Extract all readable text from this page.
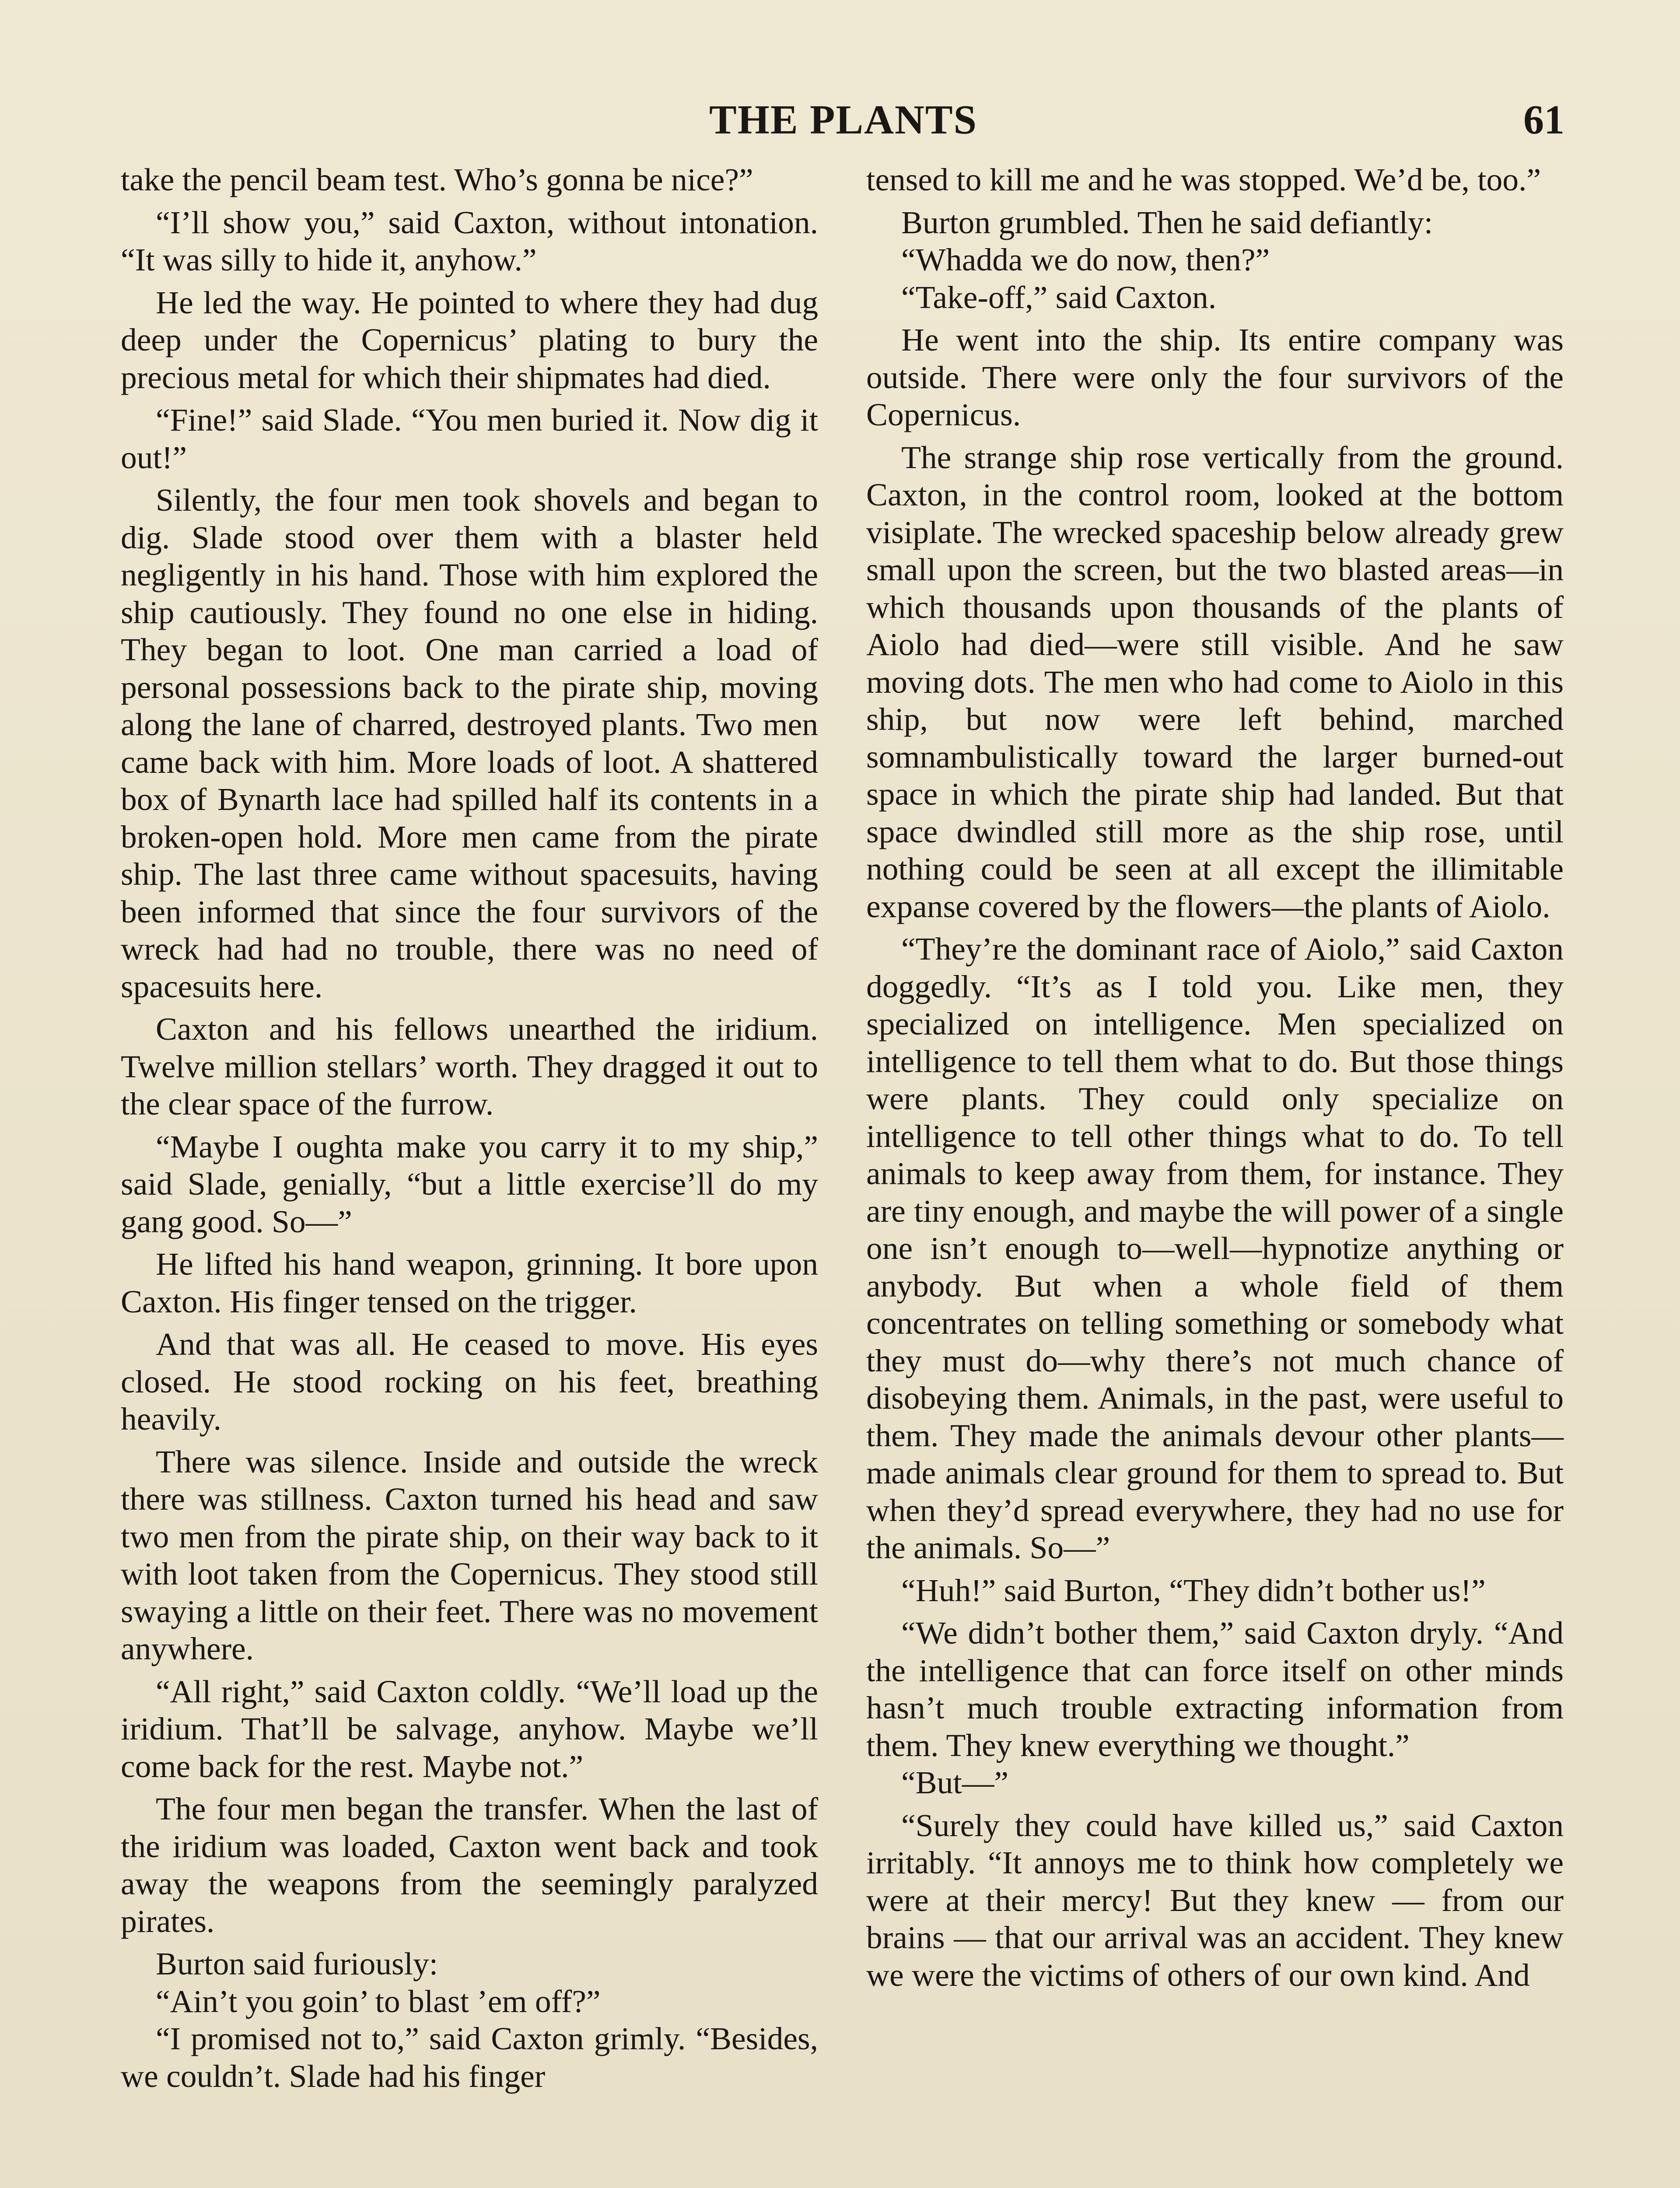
THE PLANTS	61

take the pencil beam test. Who’s gonna be nice?”

“I’ll show you,” said Caxton, without intonation. “It was silly to hide it, anyhow.”

He led the way. He pointed to where they had dug deep under the Copernicus’ plating to bury the precious metal for which their shipmates had died.

“Fine!” said Slade. “You men buried it. Now dig it out!”

Silently, the four men took shovels and began to dig. Slade stood over them with a blaster held negligently in his hand. Those with him explored the ship cautiously. They found no one else in hiding. They began to loot. One man carried a load of personal possessions back to the pirate ship, moving along the lane of charred, destroyed plants. Two men came back with him. More loads of loot. A shattered box of Bynarth lace had spilled half its contents in a broken-open hold. More men came from the pirate ship. The last three came without spacesuits, having been informed that since the four survivors of the wreck had had no trouble, there was no need of spacesuits here.

Caxton and his fellows unearthed the iridium. Twelve million stellars’ worth. They dragged it out to the clear space of the furrow.

“Maybe I oughta make you carry it to my ship,” said Slade, genially, “but a little exercise’ll do my gang good. So—”

He lifted his hand weapon, grinning. It bore upon Caxton. His finger tensed on the trigger.

And that was all. He ceased to move. His eyes closed. He stood rocking on his feet, breathing heavily.

There was silence. Inside and outside the wreck there was stillness. Caxton turned his head and saw two men from the pirate ship, on their way back to it with loot taken from the Copernicus. They stood still swaying a little on their feet. There was no movement anywhere.

“All right,” said Caxton coldly. “We’ll load up the iridium. That’ll be salvage, anyhow. Maybe we’ll come back for the rest. Maybe not.”

The four men began the transfer. When the last of the iridium was loaded, Caxton went back and took away the weapons from the seemingly paralyzed pirates.

Burton said furiously:

“Ain’t you goin’ to blast ’em off?”

“I promised not to,” said Caxton grimly. “Besides, we couldn’t. Slade had his finger

tensed to kill me and he was stopped. We’d be, too.”

Burton grumbled. Then he said defiantly:

“Whadda we do now, then?”

“Take-off,” said Caxton.

He went into the ship. Its entire company was outside. There were only the four survivors of the Copernicus.

The strange ship rose vertically from the ground. Caxton, in the control room, looked at the bottom visiplate. The wrecked spaceship below already grew small upon the screen, but the two blasted areas—in which thousands upon thousands of the plants of Aiolo had died—were still visible. And he saw moving dots. The men who had come to Aiolo in this ship, but now were left behind, marched somnambulistically toward the larger burned-out space in which the pirate ship had landed. But that space dwindled still more as the ship rose, until nothing could be seen at all except the illimitable expanse covered by the flowers—the plants of Aiolo.

“They’re the dominant race of Aiolo,” said Caxton doggedly. “It’s as I told you. Like men, they specialized on intelligence. Men specialized on intelligence to tell them what to do. But those things were plants. They could only specialize on intelligence to tell other things what to do. To tell animals to keep away from them, for instance. They are tiny enough, and maybe the will power of a single one isn’t enough to—well—hypnotize anything or anybody. But when a whole field of them concentrates on telling something or somebody what they must do—why there’s not much chance of disobeying them. Animals, in the past, were useful to them. They made the animals devour other plants—made animals clear ground for them to spread to. But when they’d spread everywhere, they had no use for the animals. So—”

“Huh!” said Burton, “They didn’t bother us!”

“We didn’t bother them,” said Caxton dryly. “And the intelligence that can force itself on other minds hasn’t much trouble extracting information from them. They knew everything we thought.”

“But—”

“Surely they could have killed us,” said Caxton irritably. “It annoys me to think how completely we were at their mercy! But they knew — from our brains — that our arrival was an accident. They knew we were the victims of others of our own kind. And
